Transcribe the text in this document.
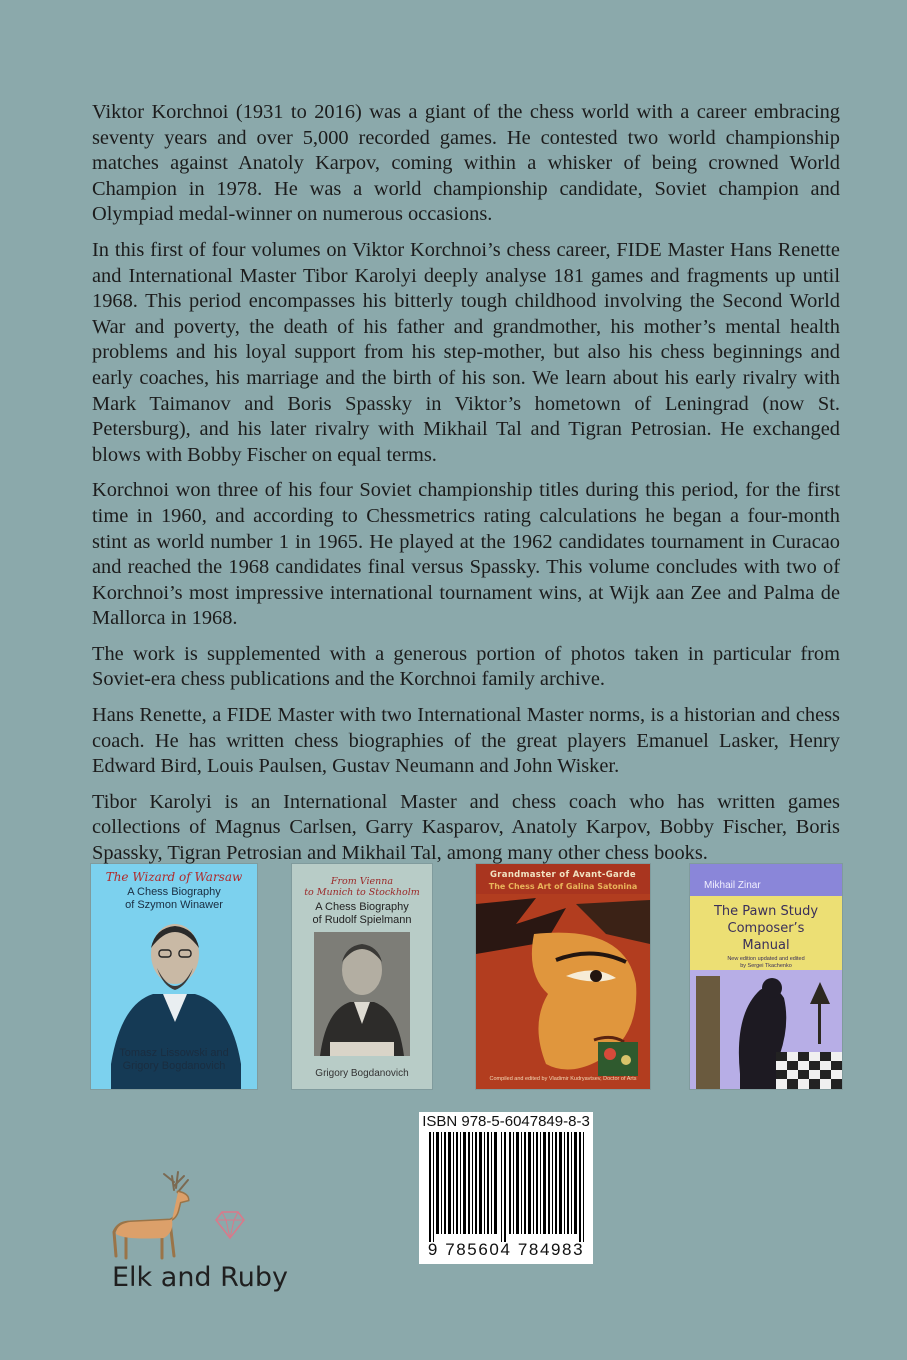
Viktor Korchnoi (1931 to 2016) was a giant of the chess world with a career embracing seventy years and over 5,000 recorded games. He contested two world championship matches against Anatoly Karpov, coming within a whisker of being crowned World Champion in 1978. He was a world championship candidate, Soviet champion and Olympiad medal-winner on numerous occasions.

In this first of four volumes on Viktor Korchnoi’s chess career, FIDE Master Hans Renette and International Master Tibor Karolyi deeply analyse 181 games and fragments up until 1968. This period encompasses his bitterly tough childhood involving the Second World War and poverty, the death of his father and grandmother, his mother’s mental health problems and his loyal support from his step-mother, but also his chess beginnings and early coaches, his marriage and the birth of his son. We learn about his early rivalry with Mark Taimanov and Boris Spassky in Viktor’s hometown of Leningrad (now St. Petersburg), and his later rivalry with Mikhail Tal and Tigran Petrosian. He exchanged blows with Bobby Fischer on equal terms.

Korchnoi won three of his four Soviet championship titles during this period, for the first time in 1960, and according to Chessmetrics rating calculations he began a four-month stint as world number 1 in 1965. He played at the 1962 candidates tournament in Curacao and reached the 1968 candidates final versus Spassky. This volume concludes with two of Korchnoi’s most impressive international tournament wins, at Wijk aan Zee and Palma de Mallorca in 1968.

The work is supplemented with a generous portion of photos taken in particular from Soviet-era chess publications and the Korchnoi family archive.

Hans Renette, a FIDE Master with two International Master norms, is a historian and chess coach. He has written chess biographies of the great players Emanuel Lasker, Henry Edward Bird, Louis Paulsen, Gustav Neumann and John Wisker.

Tibor Karolyi is an International Master and chess coach who has written games collections of Magnus Carlsen, Garry Kasparov, Anatoly Karpov, Bobby Fischer, Boris Spassky, Tigran Petrosian and Mikhail Tal, among many other chess books.

The Wizard of Warsaw
A Chess Biography
of Szymon Winawer
Tomasz Lissowski and
Grigory Bogdanovich
From Vienna
to Munich to Stockholm
A Chess Biography
of Rudolf Spielmann
Grigory Bogdanovich
Grandmaster of Avant-Garde
The Chess Art of Galina Satonina
Compiled and edited by Vladimir Kudryavtsev, Doctor of Arts
Mikhail Zinar
The Pawn Study
Composer’s
Manual
New edition updated and edited
by Sergei Tkachenko
ISBN 978-5-6047849-8-3
9 785604 784983
Elk and Ruby
